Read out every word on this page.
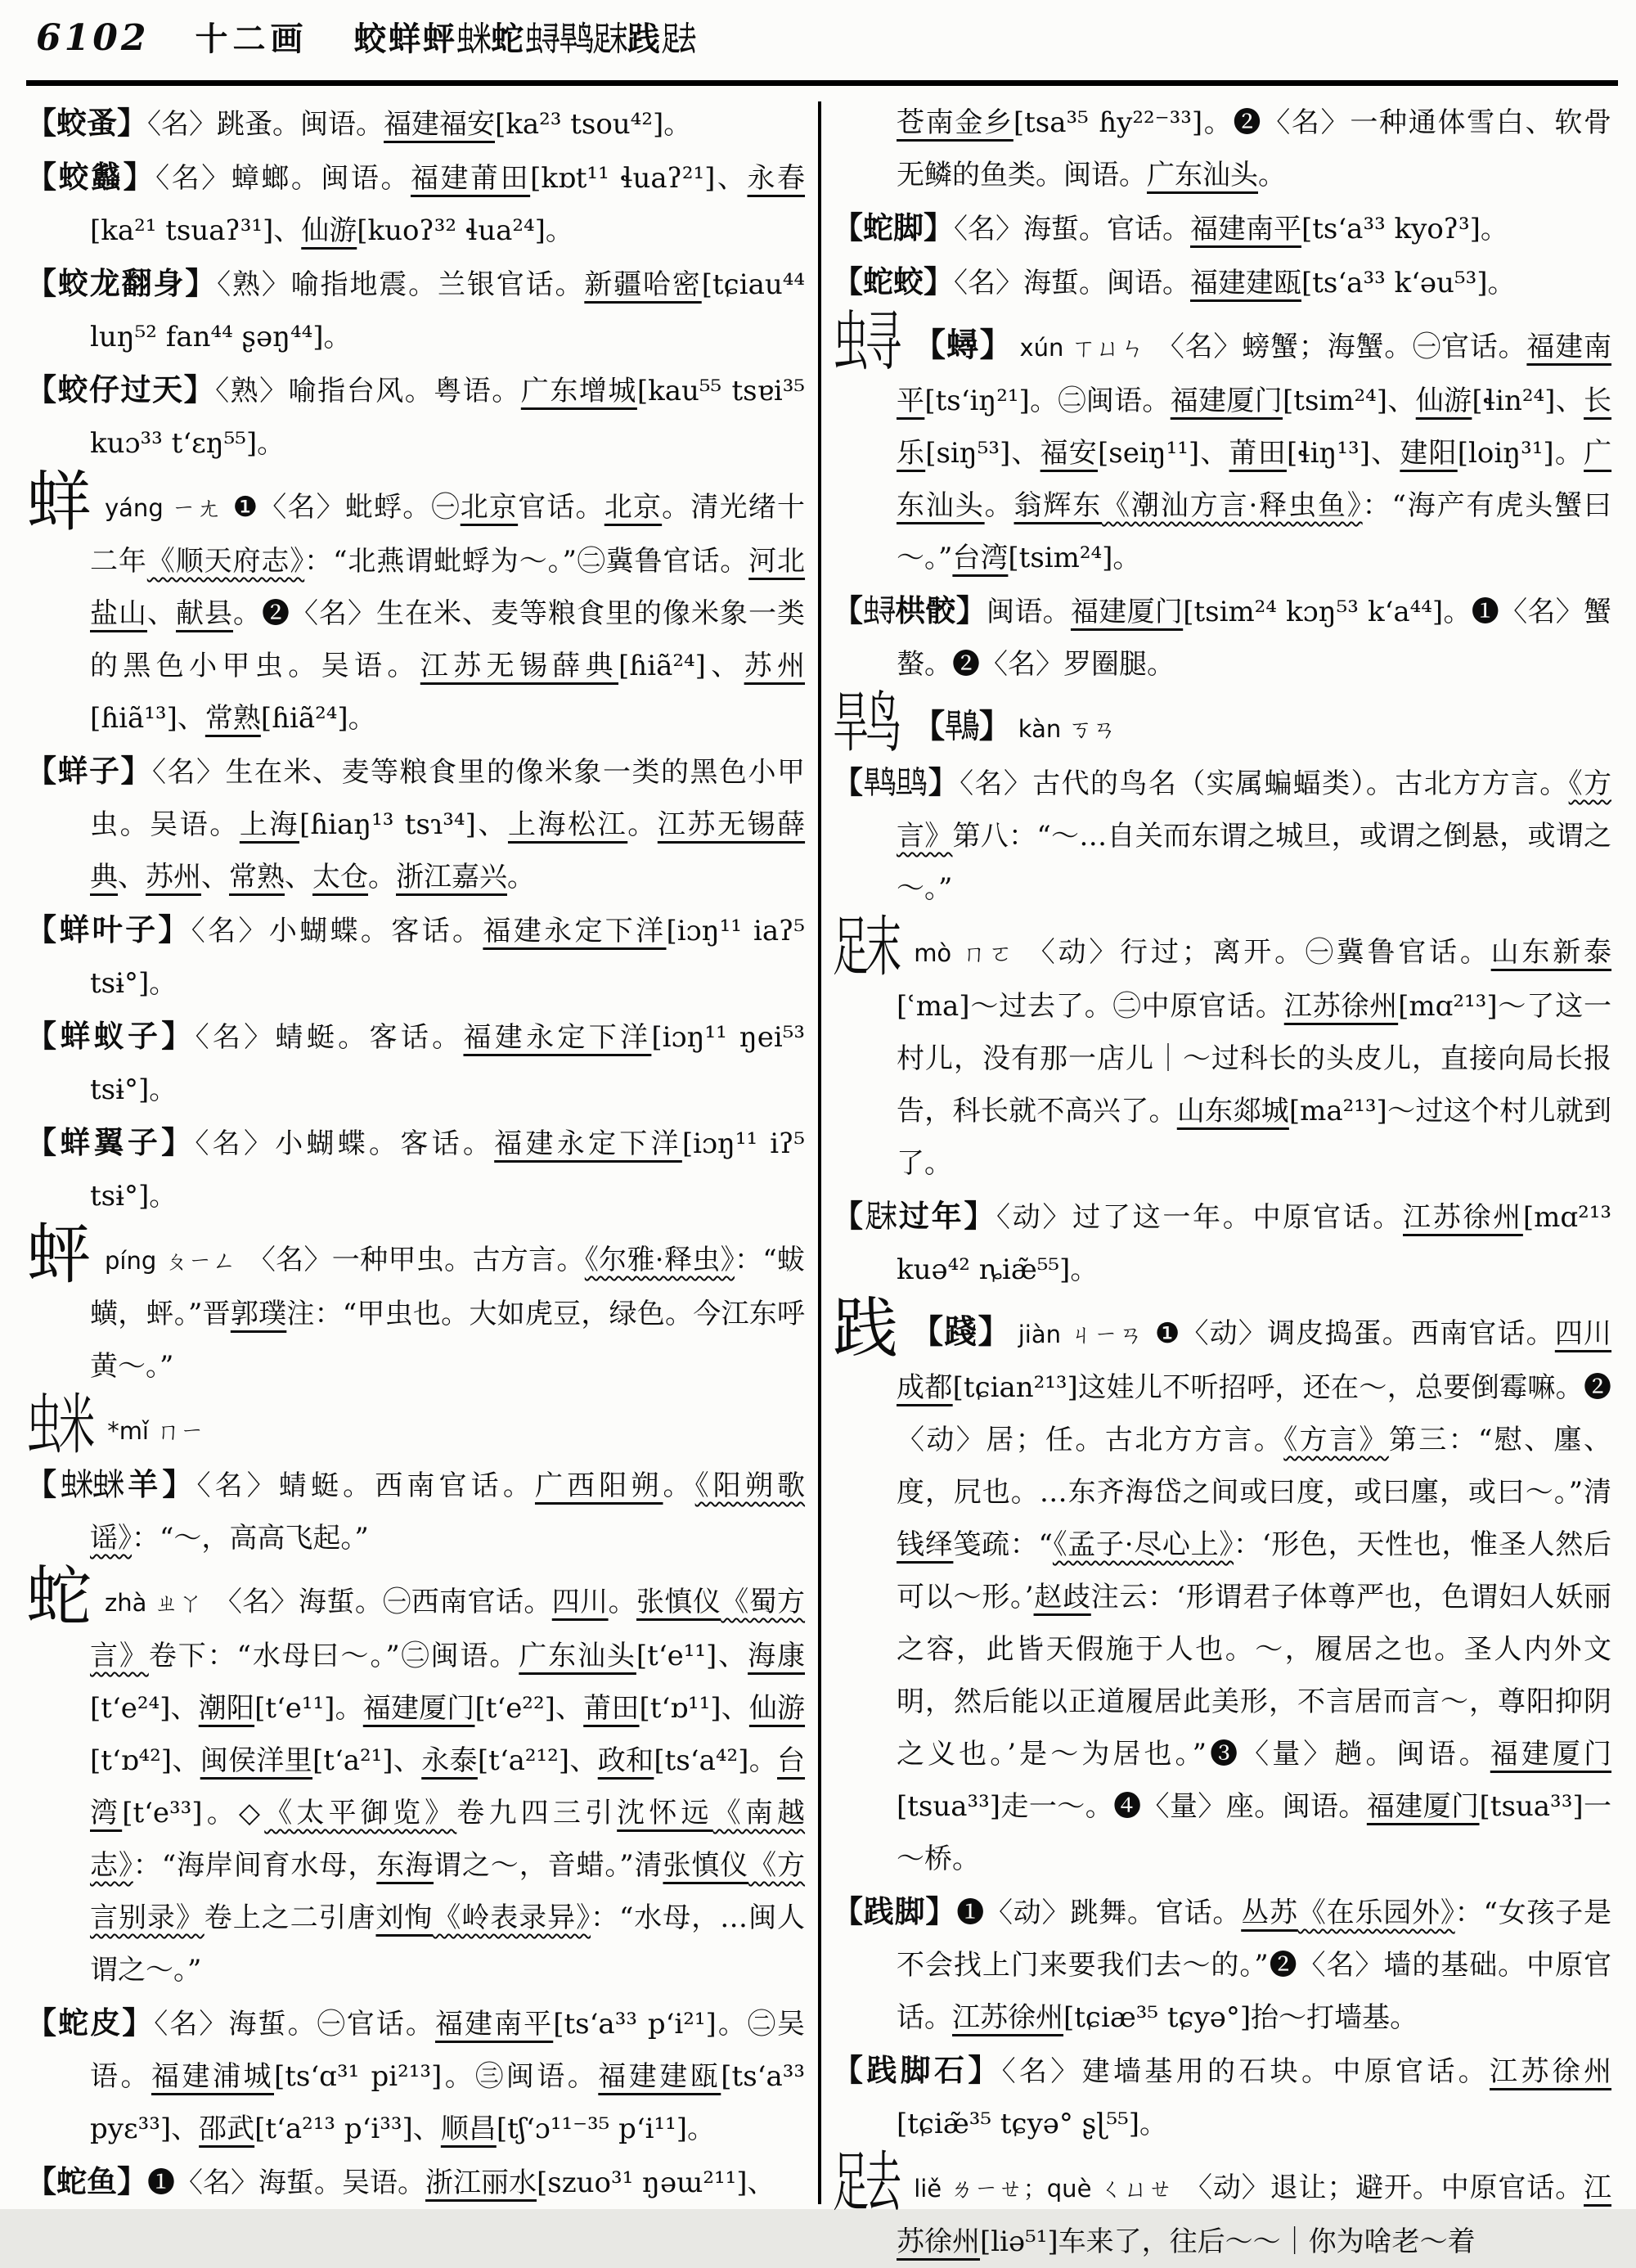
6102 十二画 蛟蛘蚲 虫
米
蛇 虫
寻
旱
鸟
足
末
践 足
去

【蛟蚤】〈名〉跳蚤。闽语。福建福安[ka²³ tsou⁴²]。

【蛟蠽】〈名〉蟑螂。闽语。福建莆田[kɒt¹¹ ɬuaʔ²¹]、永春[ka²¹ tsuaʔ³¹]、仙游[kuoʔ³² ɬua²⁴]。

【蛟龙翻身】〈熟〉喻指地震。兰银官话。新疆哈密[tɕiau⁴⁴ luŋ⁵² fan⁴⁴ ʂəŋ⁴⁴]。

【蛟仔过天】〈熟〉喻指台风。粤语。广东增城[kau⁵⁵ tsɐi³⁵ kuɔ³³ tʻɛŋ⁵⁵]。

蛘yáng ㄧㄤ ❶〈名〉蚍蜉。㊀北京官话。北京。清光绪十二年《顺天府志》：“北燕谓蚍蜉为～。”㊁冀鲁官话。河北盐山、献县。❷〈名〉生在米、麦等粮食里的像米象一类的黑色小甲虫。吴语。江苏无锡薛典[ɦiã²⁴]、苏州[ɦiã¹³]、常熟[ɦiã²⁴]。

【蛘子】〈名〉生在米、麦等粮食里的像米象一类的黑色小甲虫。吴语。上海[ɦiaŋ¹³ tsɿ³⁴]、上海松江。江苏无锡薛典、苏州、常熟、太仓。浙江嘉兴。

【蛘叶子】〈名〉小蝴蝶。客话。福建永定下洋[iɔŋ¹¹ iaʔ⁵ tsɨ°]。

【蛘蚁子】〈名〉蜻蜓。客话。福建永定下洋[iɔŋ¹¹ ŋei⁵³ tsɨ°]。

【蛘翼子】〈名〉小蝴蝶。客话。福建永定下洋[iɔŋ¹¹ iʔ⁵ tsɨ°]。

蚲píng ㄆㄧㄥ 〈名〉一种甲虫。古方言。《尔雅·释虫》：“蛂蟥，蚲。”晋郭璞注：“甲虫也。大如虎豆，绿色。今江东呼黄～。”

虫
米 *mǐ ㄇㄧ

【 虫
米 虫
米 羊】〈名〉蜻蜓。西南官话。广西阳朔。《阳朔歌谣》：“～，高高飞起。”

蛇zhà ㄓㄚ 〈名〉海蜇。㊀西南官话。四川。张慎仪《蜀方言》卷下：“水母曰～。”㊁闽语。广东汕头[tʻe¹¹]、海康[tʻe²⁴]、潮阳[tʻe¹¹]。福建厦门[tʻe²²]、莆田[tʻɒ¹¹]、仙游[tʻɒ⁴²]、闽侯洋里[tʻa²¹]、永泰[tʻa²¹²]、政和[tsʻa⁴²]。台湾[tʻe³³]。◇《太平御览》卷九四三引沈怀远《南越志》：“海岸间育水母，东海谓之～，音蜡。”清张慎仪《方言别录》卷上之二引唐刘恂《岭表录异》：“水母，…闽人谓之～。”

【蛇皮】〈名〉海蜇。㊀官话。福建南平[tsʻa³³ pʻi²¹]。㊁吴语。福建浦城[tsʻɑ³¹ pi²¹³]。㊂闽语。福建建瓯[tsʻa³³ pyɛ³³]、邵武[tʻa²¹³ pʻi³³]、顺昌[tʃʻɔ¹¹⁻³⁵ pʻi¹¹]。

【蛇鱼】❶〈名〉海蜇。吴语。浙江丽水[szuo³¹ ŋəɯ²¹¹]、

苍南金乡[tsa³⁵ ɦy²²⁻³³]。❷〈名〉一种通体雪白、软骨无鳞的鱼类。闽语。广东汕头。

【蛇脚】〈名〉海蜇。官话。福建南平[tsʻa³³ kyoʔ³]。

【蛇蛟】〈名〉海蜇。闽语。福建建瓯[tsʻa³³ kʻəu⁵³]。

虫
寻 【蟳】 xún ㄒㄩㄣ 〈名〉螃蟹；海蟹。㊀官话。福建南平[tsʻiŋ²¹]。㊁闽语。福建厦门[tsim²⁴]、仙游[ɬin²⁴]、长乐[siŋ⁵³]、福安[seiŋ¹¹]、莆田[ɬiŋ¹³]、建阳[loiŋ³¹]。广东汕头。翁辉东《潮汕方言·释虫鱼》：“海产有虎头蟹曰～。”台湾[tsim²⁴]。

【 虫
寻 栱骹】闽语。福建厦门[tsim²⁴ kɔŋ⁵³ kʻa⁴⁴]。❶〈名〉蟹螯。❷〈名〉罗圈腿。

旱
鸟 【 旱
鳥 】 kàn ㄎㄢ

【 旱
鸟 旦
鸟 】〈名〉古代的鸟名（实属蝙蝠类）。古北方方言。《方言》第八：“～…自关而东谓之城旦，或谓之倒悬，或谓之～。”

足
末 mò ㄇㄛ 〈动〉行过；离开。㊀冀鲁官话。山东新泰[ʿma]～过去了。㊁中原官话。江苏徐州[mɑ²¹³]～了这一村儿，没有那一店儿｜～过科长的头皮儿，直接向局长报告，科长就不高兴了。山东郯城[ma²¹³]～过这个村儿就到了。

【 足
末 过年】〈动〉过了这一年。中原官话。江苏徐州[mɑ²¹³ kuə⁴² ȵiæ̃⁵⁵]。

践 【踐】 jiàn ㄐㄧㄢ ❶〈动〉调皮捣蛋。西南官话。四川成都[tɕian²¹³]这娃儿不听招呼，还在～，总要倒霉嘛。❷〈动〉居；任。古北方方言。《方言》第三：“慰、廛、度，凥也。…东齐海岱之间或曰度，或曰廛，或曰～。”清钱绎笺疏：“《孟子·尽心上》：‘形色，天性也，惟圣人然后可以～形。’赵歧注云：‘形谓君子体尊严也，色谓妇人妖丽之容，此皆天假施于人也。～，履居之也。圣人内外文明，然后能以正道履居此美形，不言居而言～，尊阳抑阴之义也。’是～为居也。”❸〈量〉趟。闽语。福建厦门[tsua³³]走一～。❹〈量〉座。闽语。福建厦门[tsua³³]一～桥。

【践脚】❶〈动〉跳舞。官话。丛苏《在乐园外》：“女孩子是不会找上门来要我们去～的。”❷〈名〉墙的基础。中原官话。江苏徐州[tɕiæ³⁵ tɕyə°]抬～打墙基。

【践脚石】〈名〉建墙基用的石块。中原官话。江苏徐州[tɕiæ̃³⁵ tɕyə° ʂɭ⁵⁵]。

足
去 liě ㄌㄧㄝ；què ㄑㄩㄝ 〈动〉退让；避开。中原官话。江苏徐州[liə⁵¹]车来了，往后～～｜你为啥老～着
